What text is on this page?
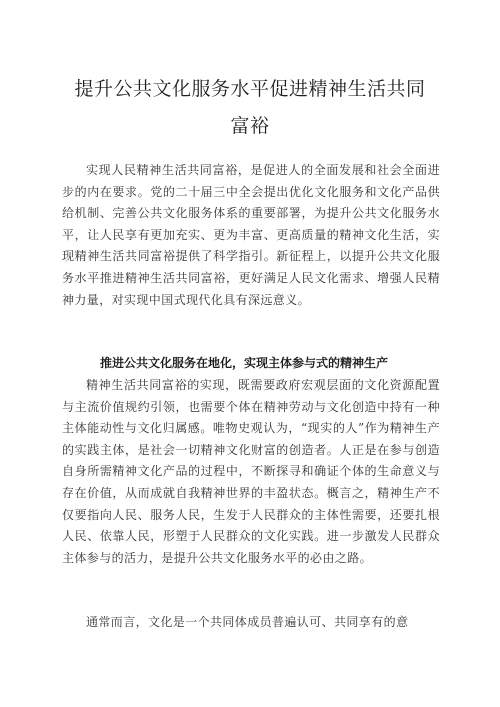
提升公共文化服务水平促进精神生活共同
富裕

实现人民精神生活共同富裕，是促进人的全面发展和社会全面进步的内在要求。党的二十届三中全会提出优化文化服务和文化产品供给机制、完善公共文化服务体系的重要部署，为提升公共文化服务水平，让人民享有更加充实、更为丰富、更高质量的精神文化生活，实现精神生活共同富裕提供了科学指引。新征程上，以提升公共文化服务水平推进精神生活共同富裕，更好满足人民文化需求、增强人民精神力量，对实现中国式现代化具有深远意义。

推进公共文化服务在地化，实现主体参与式的精神生产

精神生活共同富裕的实现，既需要政府宏观层面的文化资源配置与主流价值规约引领，也需要个体在精神劳动与文化创造中持有一种主体能动性与文化归属感。唯物史观认为，“现实的人”作为精神生产的实践主体，是社会一切精神文化财富的创造者。人正是在参与创造自身所需精神文化产品的过程中，不断探寻和确证个体的生命意义与存在价值，从而成就自我精神世界的丰盈状态。概言之，精神生产不仅要指向人民、服务人民，生发于人民群众的主体性需要，还要扎根人民、依靠人民，形塑于人民群众的文化实践。进一步激发人民群众主体参与的活力，是提升公共文化服务水平的必由之路。

通常而言，文化是一个共同体成员普遍认可、共同享有的意
